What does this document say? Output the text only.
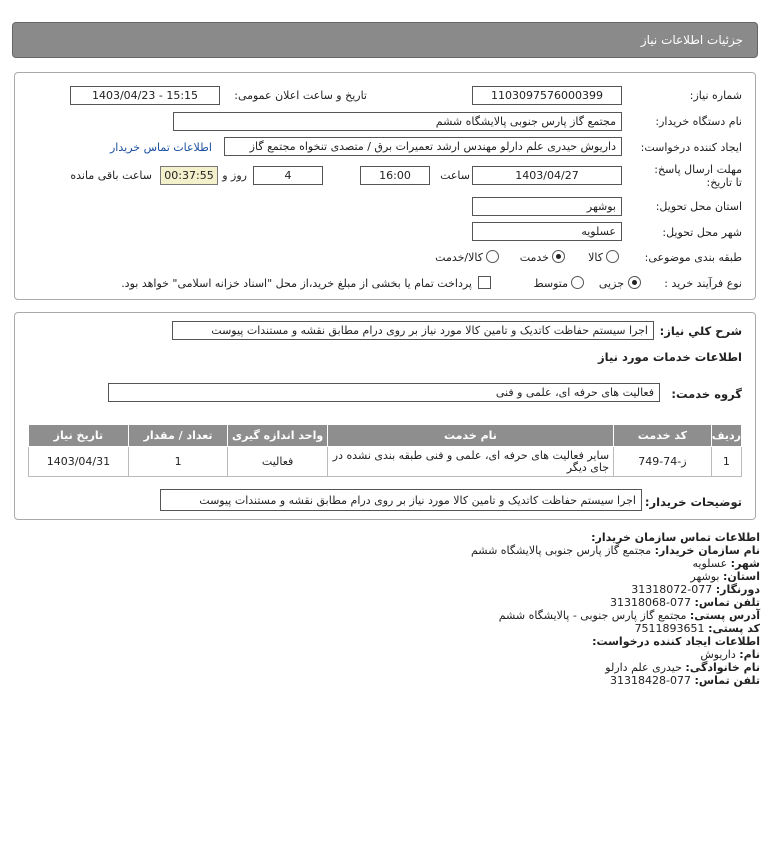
جزئیات اطلاعات نیاز
شماره نیاز:
1103097576000399
تاریخ و ساعت اعلان عمومی:
1403/04/23 - 15:15
نام دستگاه خریدار:
مجتمع گاز پارس جنوبی پالایشگاه ششم
ایجاد کننده درخواست:
داریوش حیدری علم دارلو مهندس ارشد تعمیرات برق / متصدی تنخواه مجتمع گاز
اطلاعات تماس خریدار
مهلت ارسال پاسخ: تا تاریخ:
1403/04/27
ساعت
16:00
4
روز و
00:37:55
ساعت باقی مانده
استان محل تحویل:
بوشهر
شهر محل تحویل:
عسلویه
طبقه بندی موضوعی:
کالا
خدمت
کالا/خدمت
نوع فرآیند خرید :
جزیی
متوسط
پرداخت تمام یا بخشی از مبلغ خرید،از محل "اسناد خزانه اسلامی" خواهد بود.
شرح کلي نياز:
اجرا سیستم حفاظت کاتدیک و تامین کالا مورد نیاز بر روی درام مطابق نقشه و مستندات پیوست
اطلاعات خدمات مورد نیاز
گروه خدمت:
فعالیت های حرفه ای، علمی و فنی
ردیف	کد خدمت	نام خدمت	واحد اندازه گیری	تعداد / مقدار	تاریخ نیاز
1	ز-74-749	سایر فعالیت های حرفه ای، علمی و فنی طبقه بندی نشده در جای دیگر	فعالیت	1	1403/04/31
توضیحات خریدار:
اجرا سیستم حفاظت کاتدیک و تامین کالا مورد نیاز بر روی درام مطابق نقشه و مستندات پیوست
اطلاعات تماس سازمان خریدار:
نام سازمان خریدار: مجتمع گاز پارس جنوبی پالایشگاه ششم
شهر: عسلویه
استان: بوشهر
دورنگار: 077-31318072
تلفن تماس: 077-31318068
آدرس پستی: مجتمع گاز پارس جنوبی - پالایشگاه ششم
کد پستی: 7511893651
اطلاعات ایجاد کننده درخواست:
نام: داریوش
نام خانوادگی: حیدری علم دارلو
تلفن تماس: 077-31318428
